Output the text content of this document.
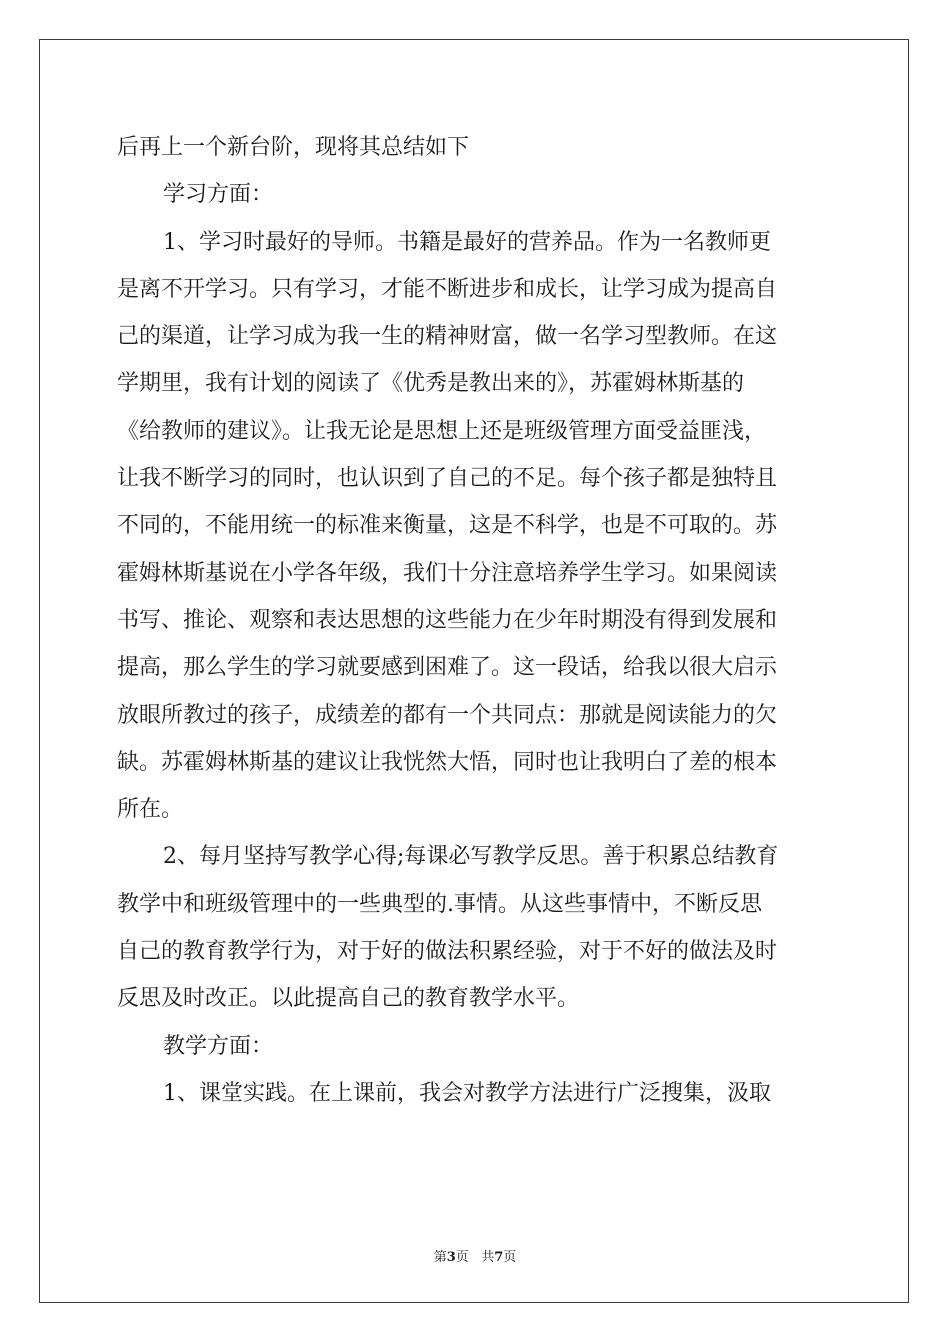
后再上一个新台阶，现将其总结如下
学习方面：
1、学习时最好的导师。书籍是最好的营养品。作为一名教师更
是离不开学习。只有学习，才能不断进步和成长，让学习成为提高自
己的渠道，让学习成为我一生的精神财富，做一名学习型教师。在这
学期里，我有计划的阅读了《优秀是教出来的》，苏霍姆林斯基的
《给教师的建议》。让我无论是思想上还是班级管理方面受益匪浅，
让我不断学习的同时，也认识到了自己的不足。每个孩子都是独特且
不同的，不能用统一的标准来衡量，这是不科学，也是不可取的。苏
霍姆林斯基说在小学各年级，我们十分注意培养学生学习。如果阅读
书写、推论、观察和表达思想的这些能力在少年时期没有得到发展和
提高，那么学生的学习就要感到困难了。这一段话，给我以很大启示
放眼所教过的孩子，成绩差的都有一个共同点：那就是阅读能力的欠
缺。苏霍姆林斯基的建议让我恍然大悟，同时也让我明白了差的根本
所在。
2、每月坚持写教学心得;每课必写教学反思。善于积累总结教育
教学中和班级管理中的一些典型的.事情。从这些事情中，不断反思
自己的教育教学行为，对于好的做法积累经验，对于不好的做法及时
反思及时改正。以此提高自己的教育教学水平。
教学方面：
1、课堂实践。在上课前，我会对教学方法进行广泛搜集，汲取
第3页 共7页
